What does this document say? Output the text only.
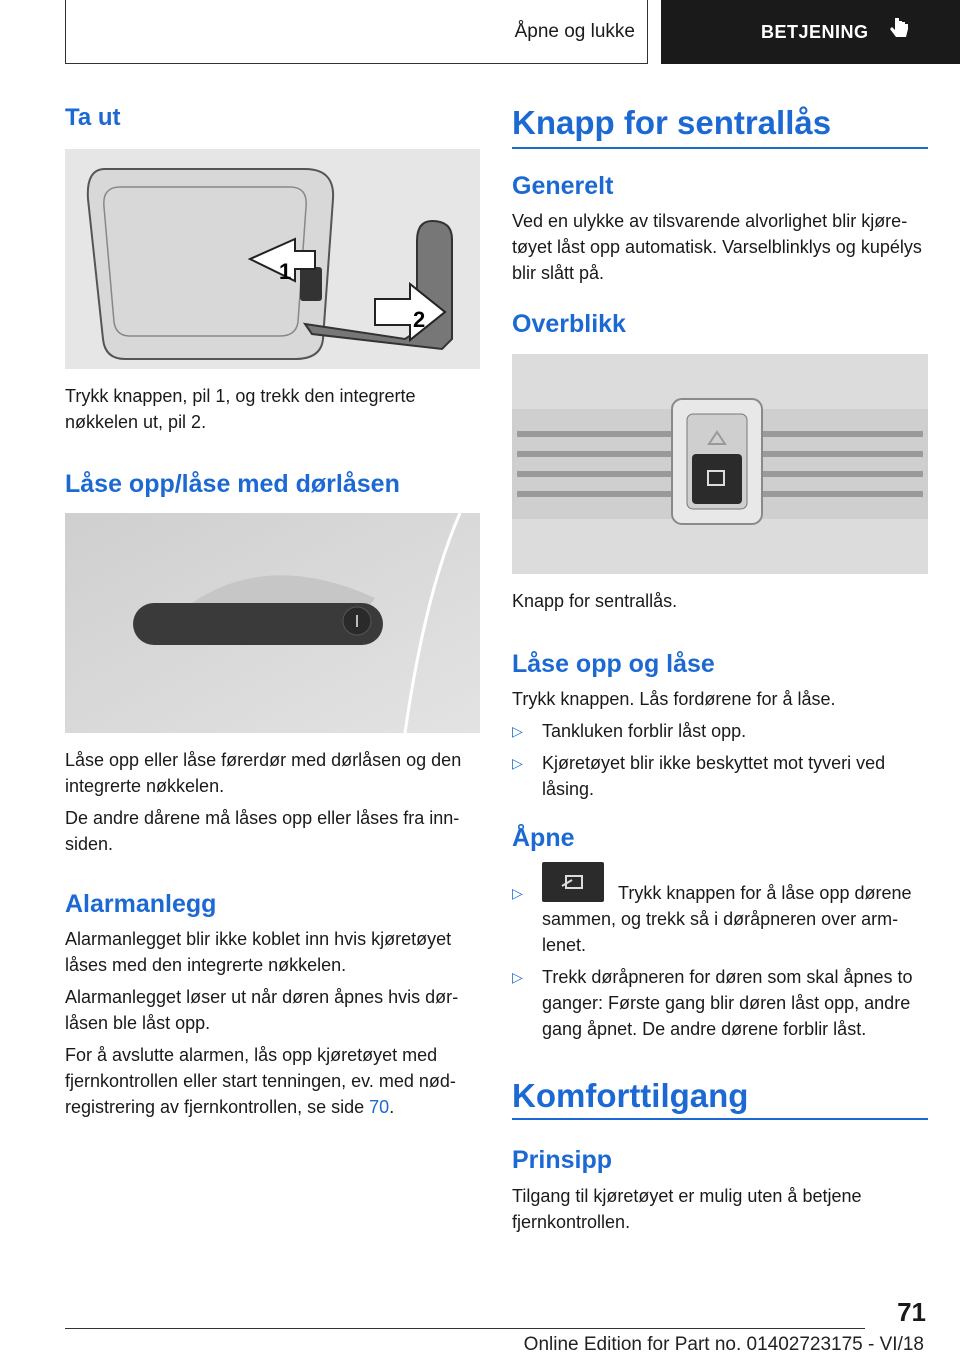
Åpne og lukke	BETJENING
Ta ut
1
2

Trykk knappen, pil 1, og trekk den integrerte nøkkelen ut, pil 2.

Låse opp/låse med dørlåsen

Låse opp eller låse førerdør med dørlåsen og den integrerte nøkkelen.

De andre dårene må låses opp eller låses fra innsiden.

Alarmanlegg

Alarmanlegget blir ikke koblet inn hvis kjøretøyet låses med den integrerte nøkkelen.

Alarmanlegget løser ut når døren åpnes hvis dørlåsen ble låst opp.

For å avslutte alarmen, lås opp kjøretøyet med fjernkontrollen eller start tenningen, ev. med nødregistrering av fjernkontrollen, se side 70.

Knapp for sentrallås
Generelt

Ved en ulykke av tilsvarende alvorlighet blir kjøretøyet låst opp automatisk. Varselblinklys og kupélys blir slått på.

Overblikk

Knapp for sentrallås.

Låse opp og låse

Trykk knappen. Lås fordørene for å låse.

▷ Tankluken forblir låst opp.
▷ Kjøretøyet blir ikke beskyttet mot tyveri ved låsing.
Åpne
▷	Trykk knappen for å låse opp dørene sammen, og trekk så i døråpneren over armlenet.
▷ Trekk døråpneren for døren som skal åpnes to ganger: Første gang blir døren låst opp, andre gang åpnet. De andre dørene forblir låst.
Komforttilgang
Prinsipp

Tilgang til kjøretøyet er mulig uten å betjene fjernkontrollen.

71
Online Edition for Part no. 01402723175 - VI/18
